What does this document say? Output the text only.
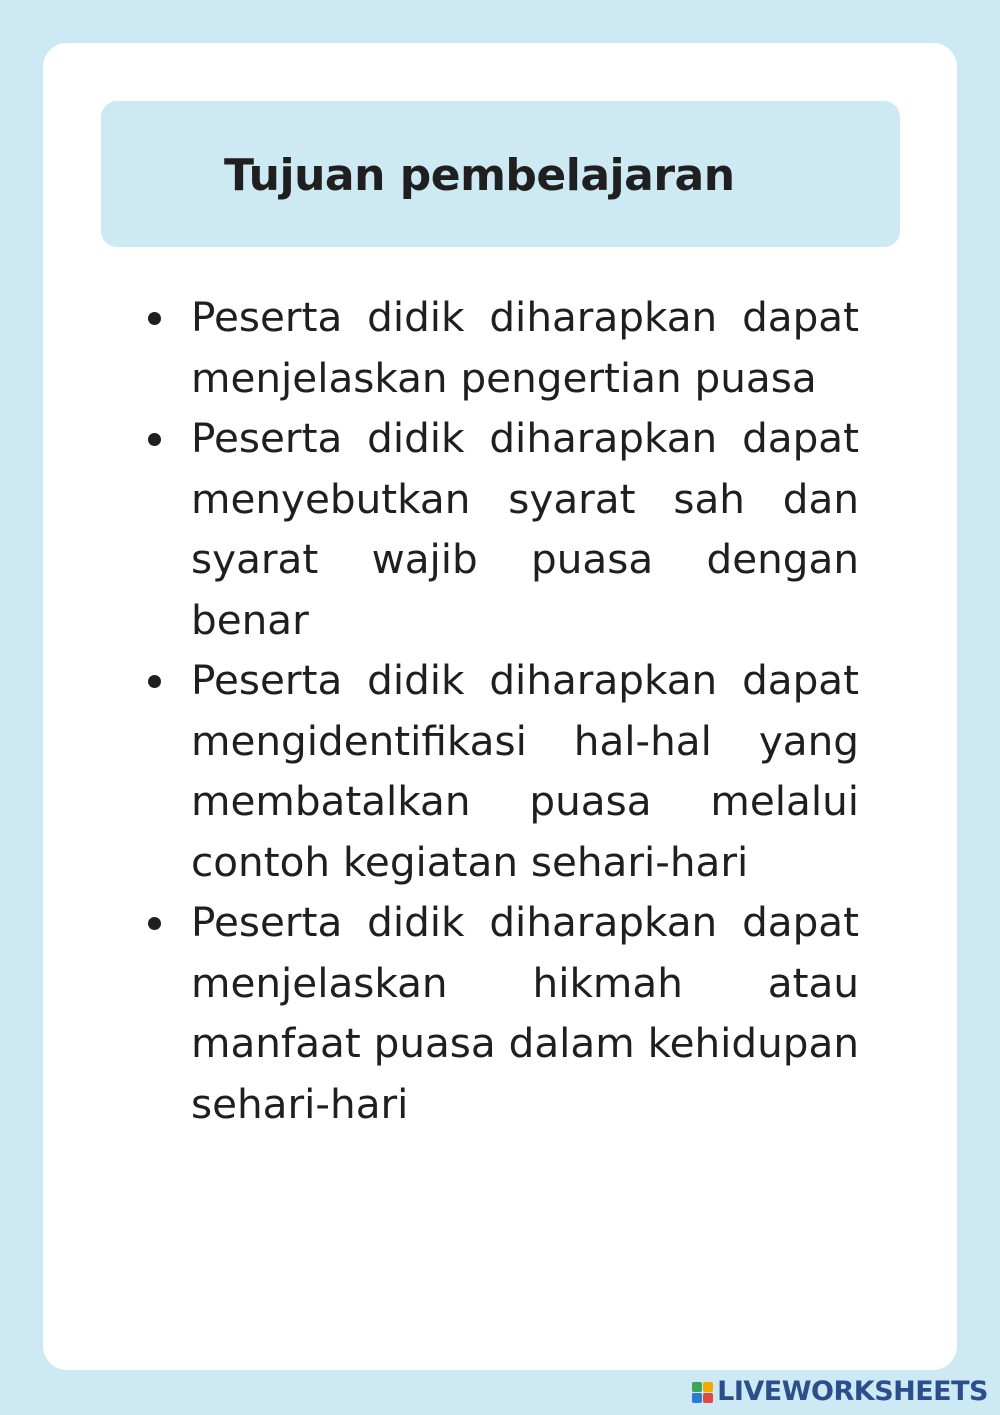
Tujuan pembelajaran
Peserta didik diharapkan dapat menjelaskan pengertian puasa
Peserta didik diharapkan dapat menyebutkan syarat sah dan syarat wajib puasa dengan benar
Peserta didik diharapkan dapat mengidentifikasi hal-hal yang membatalkan puasa melalui contoh kegiatan sehari-hari
Peserta didik diharapkan dapat menjelaskan hikmah atau manfaat puasa dalam kehidupan sehari-hari
LIVEWORKSHEETS
